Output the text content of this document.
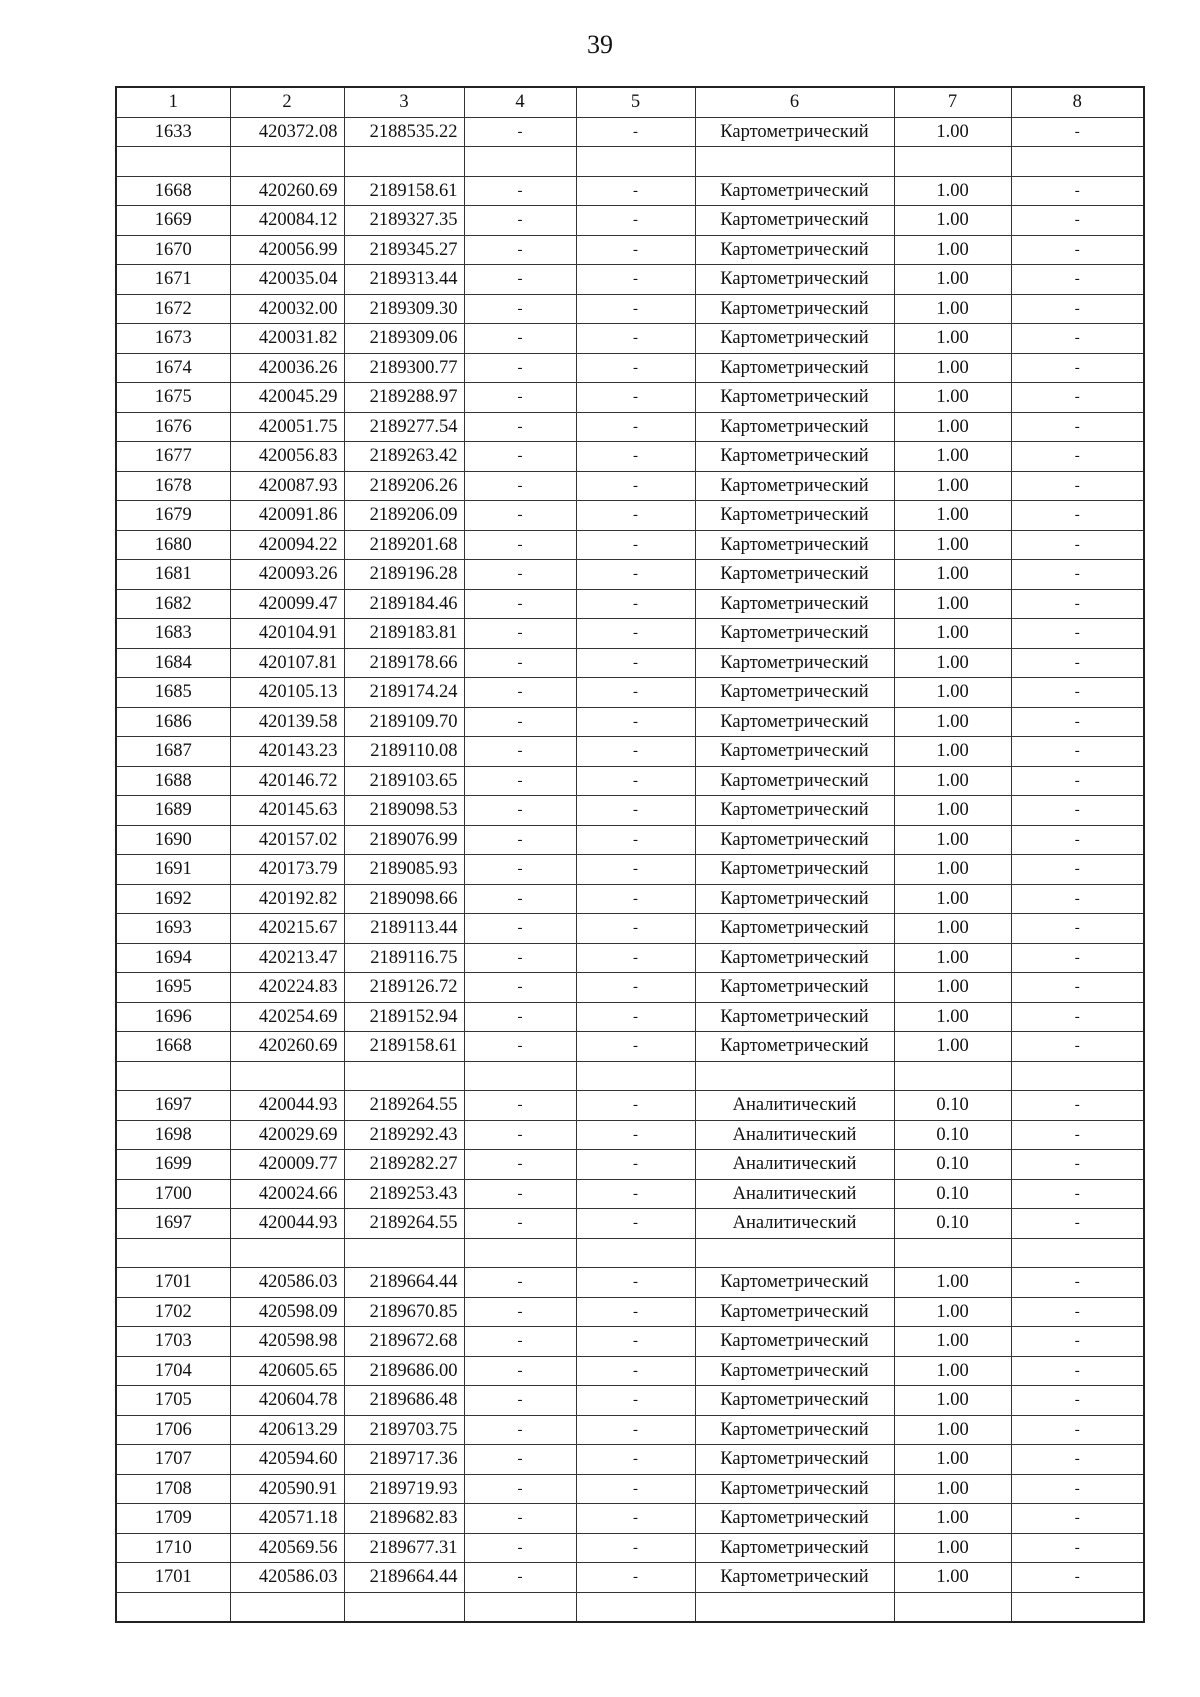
39
1	2	3	4	5	6	7	8
1633	420372.08	2188535.22	-	-	Картометрический	1.00	-

1668	420260.69	2189158.61	-	-	Картометрический	1.00	-
1669	420084.12	2189327.35	-	-	Картометрический	1.00	-
1670	420056.99	2189345.27	-	-	Картометрический	1.00	-
1671	420035.04	2189313.44	-	-	Картометрический	1.00	-
1672	420032.00	2189309.30	-	-	Картометрический	1.00	-
1673	420031.82	2189309.06	-	-	Картометрический	1.00	-
1674	420036.26	2189300.77	-	-	Картометрический	1.00	-
1675	420045.29	2189288.97	-	-	Картометрический	1.00	-
1676	420051.75	2189277.54	-	-	Картометрический	1.00	-
1677	420056.83	2189263.42	-	-	Картометрический	1.00	-
1678	420087.93	2189206.26	-	-	Картометрический	1.00	-
1679	420091.86	2189206.09	-	-	Картометрический	1.00	-
1680	420094.22	2189201.68	-	-	Картометрический	1.00	-
1681	420093.26	2189196.28	-	-	Картометрический	1.00	-
1682	420099.47	2189184.46	-	-	Картометрический	1.00	-
1683	420104.91	2189183.81	-	-	Картометрический	1.00	-
1684	420107.81	2189178.66	-	-	Картометрический	1.00	-
1685	420105.13	2189174.24	-	-	Картометрический	1.00	-
1686	420139.58	2189109.70	-	-	Картометрический	1.00	-
1687	420143.23	2189110.08	-	-	Картометрический	1.00	-
1688	420146.72	2189103.65	-	-	Картометрический	1.00	-
1689	420145.63	2189098.53	-	-	Картометрический	1.00	-
1690	420157.02	2189076.99	-	-	Картометрический	1.00	-
1691	420173.79	2189085.93	-	-	Картометрический	1.00	-
1692	420192.82	2189098.66	-	-	Картометрический	1.00	-
1693	420215.67	2189113.44	-	-	Картометрический	1.00	-
1694	420213.47	2189116.75	-	-	Картометрический	1.00	-
1695	420224.83	2189126.72	-	-	Картометрический	1.00	-
1696	420254.69	2189152.94	-	-	Картометрический	1.00	-
1668	420260.69	2189158.61	-	-	Картометрический	1.00	-

1697	420044.93	2189264.55	-	-	Аналитический	0.10	-
1698	420029.69	2189292.43	-	-	Аналитический	0.10	-
1699	420009.77	2189282.27	-	-	Аналитический	0.10	-
1700	420024.66	2189253.43	-	-	Аналитический	0.10	-
1697	420044.93	2189264.55	-	-	Аналитический	0.10	-

1701	420586.03	2189664.44	-	-	Картометрический	1.00	-
1702	420598.09	2189670.85	-	-	Картометрический	1.00	-
1703	420598.98	2189672.68	-	-	Картометрический	1.00	-
1704	420605.65	2189686.00	-	-	Картометрический	1.00	-
1705	420604.78	2189686.48	-	-	Картометрический	1.00	-
1706	420613.29	2189703.75	-	-	Картометрический	1.00	-
1707	420594.60	2189717.36	-	-	Картометрический	1.00	-
1708	420590.91	2189719.93	-	-	Картометрический	1.00	-
1709	420571.18	2189682.83	-	-	Картометрический	1.00	-
1710	420569.56	2189677.31	-	-	Картометрический	1.00	-
1701	420586.03	2189664.44	-	-	Картометрический	1.00	-
